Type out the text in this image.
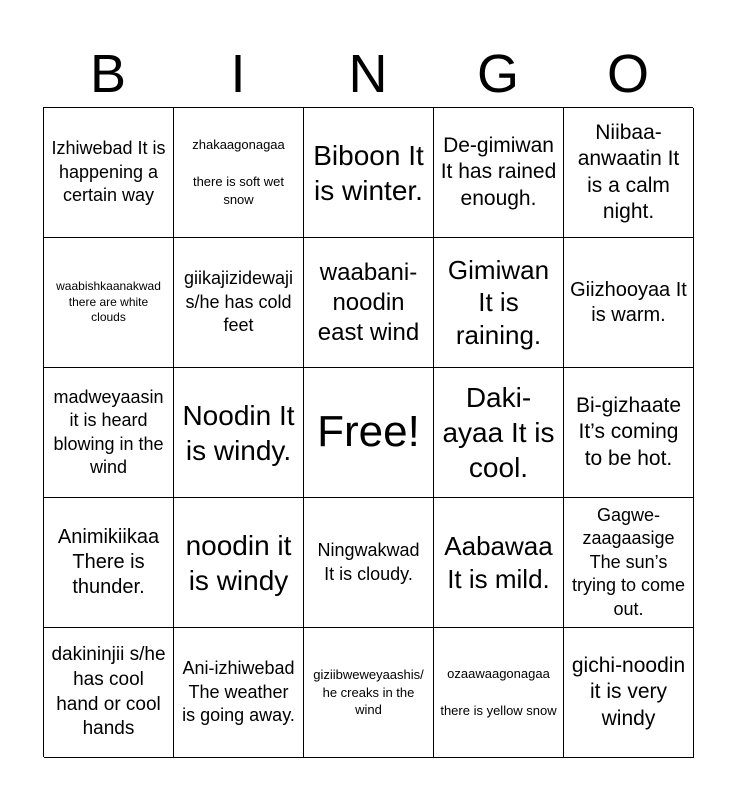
B	I	N	G	O
Izhiwebad It is happening a certain way
zhakaagonagaa

there is soft wet snow
Biboon It is winter.
De-gimiwan It has rained enough.
Niibaa-anwaatin It is a calm night.
waabishkaanakwad there are white clouds
giikajizidewajis/he has cold feet
waabani-noodin east wind
Gimiwan It is raining.
Giizhooyaa It is warm.
madweyaasin it is heard blowing in the wind
Noodin It is windy. Free!
Daki-ayaa It is cool.
Bi-gizhaate It’s coming to be hot.
Animikiikaa There is thunder.
noodin it is windy
Ningwakwad It is cloudy.
Aabawaa It is mild.
Gagwe-zaagaasige The sun’s trying to come out.
dakininjii s/he has cool hand or cool hands
Ani-izhiwebad The weather is going away.
giziibweweyaashis/he creaks in the wind
ozaawaagonagaa

there is yellow snow
gichi-noodin it is very windy
